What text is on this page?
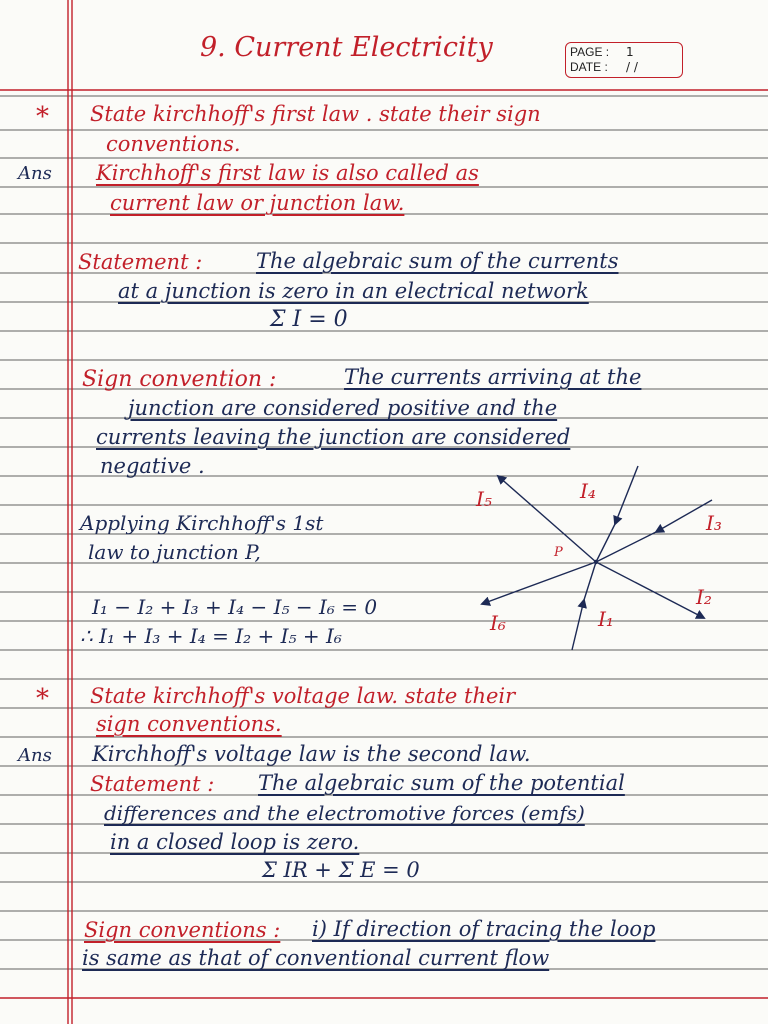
9. Current Electricity	PAGE : 1
DATE : / /
* State kirchhoff's first law . state their sign
conventions.
Ans Kirchhoff's first law is also called as
current law or junction law.
Statement :	The algebraic sum of the currents
at a junction is zero in an electrical network
Σ I = 0
Sign convention :	The currents arriving at the
junction are considered positive and the
currents leaving the junction are considered
negative .
Applying Kirchhoff's 1st
law to junction P,
I₁ − I₂ + I₃ + I₄ − I₅ − I₆ = 0
∴ I₁ + I₃ + I₄ = I₂ + I₅ + I₆
P
I₅	I₄
I₃
I₂
I₁
I₆
* State kirchhoff's voltage law. state their
sign conventions.
Ans Kirchhoff's voltage law is the second law.
Statement : The algebraic sum of the potential
differences and the electromotive forces (emfs)
in a closed loop is zero.
Σ IR + Σ E = 0
Sign conventions : i) If direction of tracing the loop
is same as that of conventional current flow
